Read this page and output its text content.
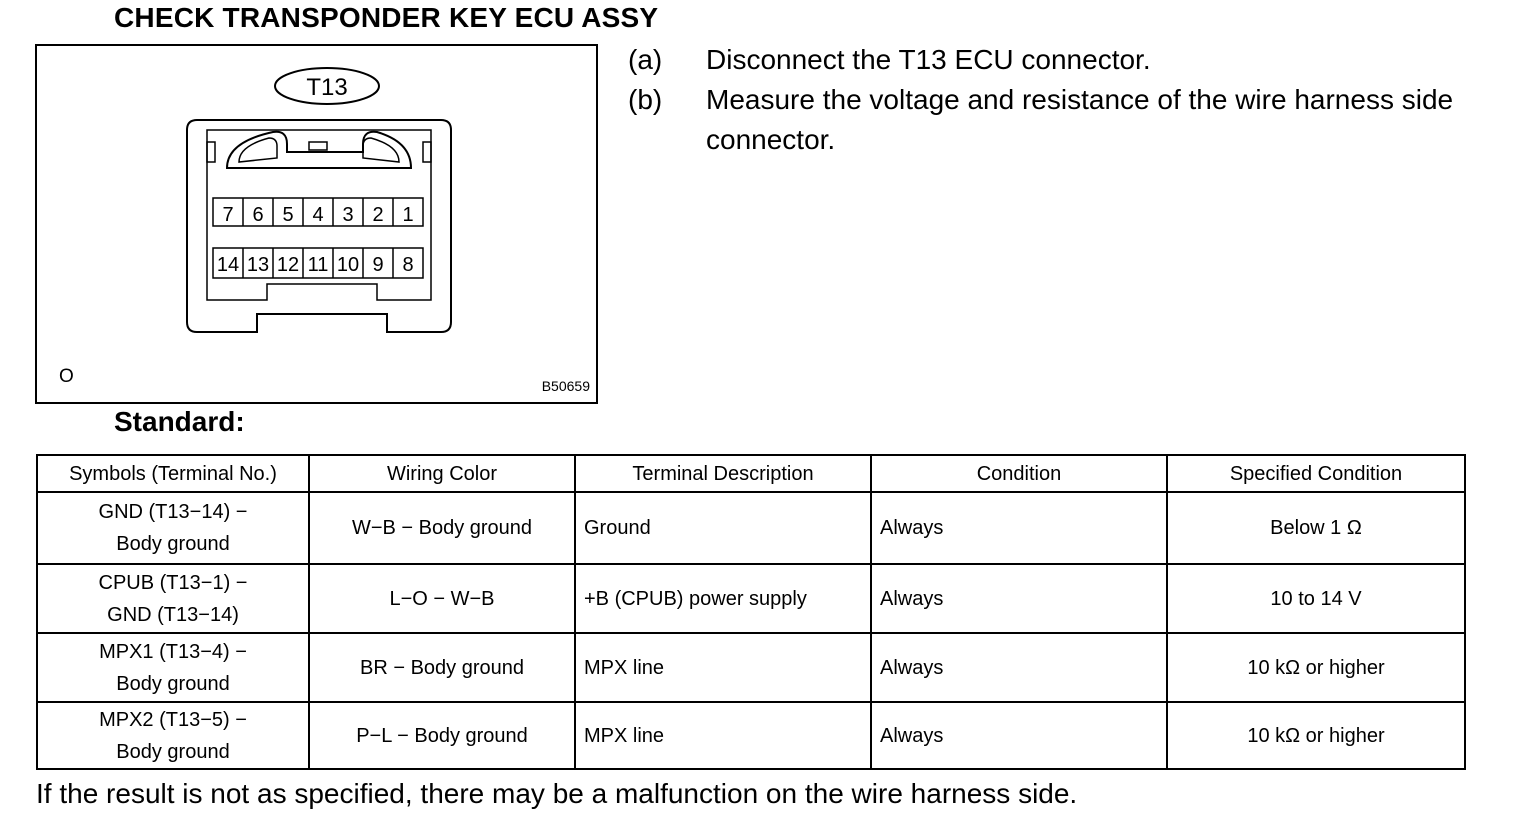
CHECK TRANSPONDER KEY ECU ASSY
T13
7 6 5 4 3 2 1
14 13 12 11 10 9 8
O	B50659
(a)	Disconnect the T13 ECU connector.
(b)	Measure the voltage and resistance of the wire harness side connector.
Standard:
Symbols (Terminal No.)	Wiring Color	Terminal Description	Condition	Specified Condition

GND (T13−14) −
Body ground	W−B − Body ground	Ground	Always	Below 1 Ω

CPUB (T13−1) −
GND (T13−14)	L−O − W−B	+B (CPUB) power supply	Always	10 to 14 V

MPX1 (T13−4) −
Body ground	BR − Body ground	MPX line	Always	10 kΩ or higher

MPX2 (T13−5) −
Body ground	P−L − Body ground	MPX line	Always	10 kΩ or higher
If the result is not as specified, there may be a malfunction on the wire harness side.
